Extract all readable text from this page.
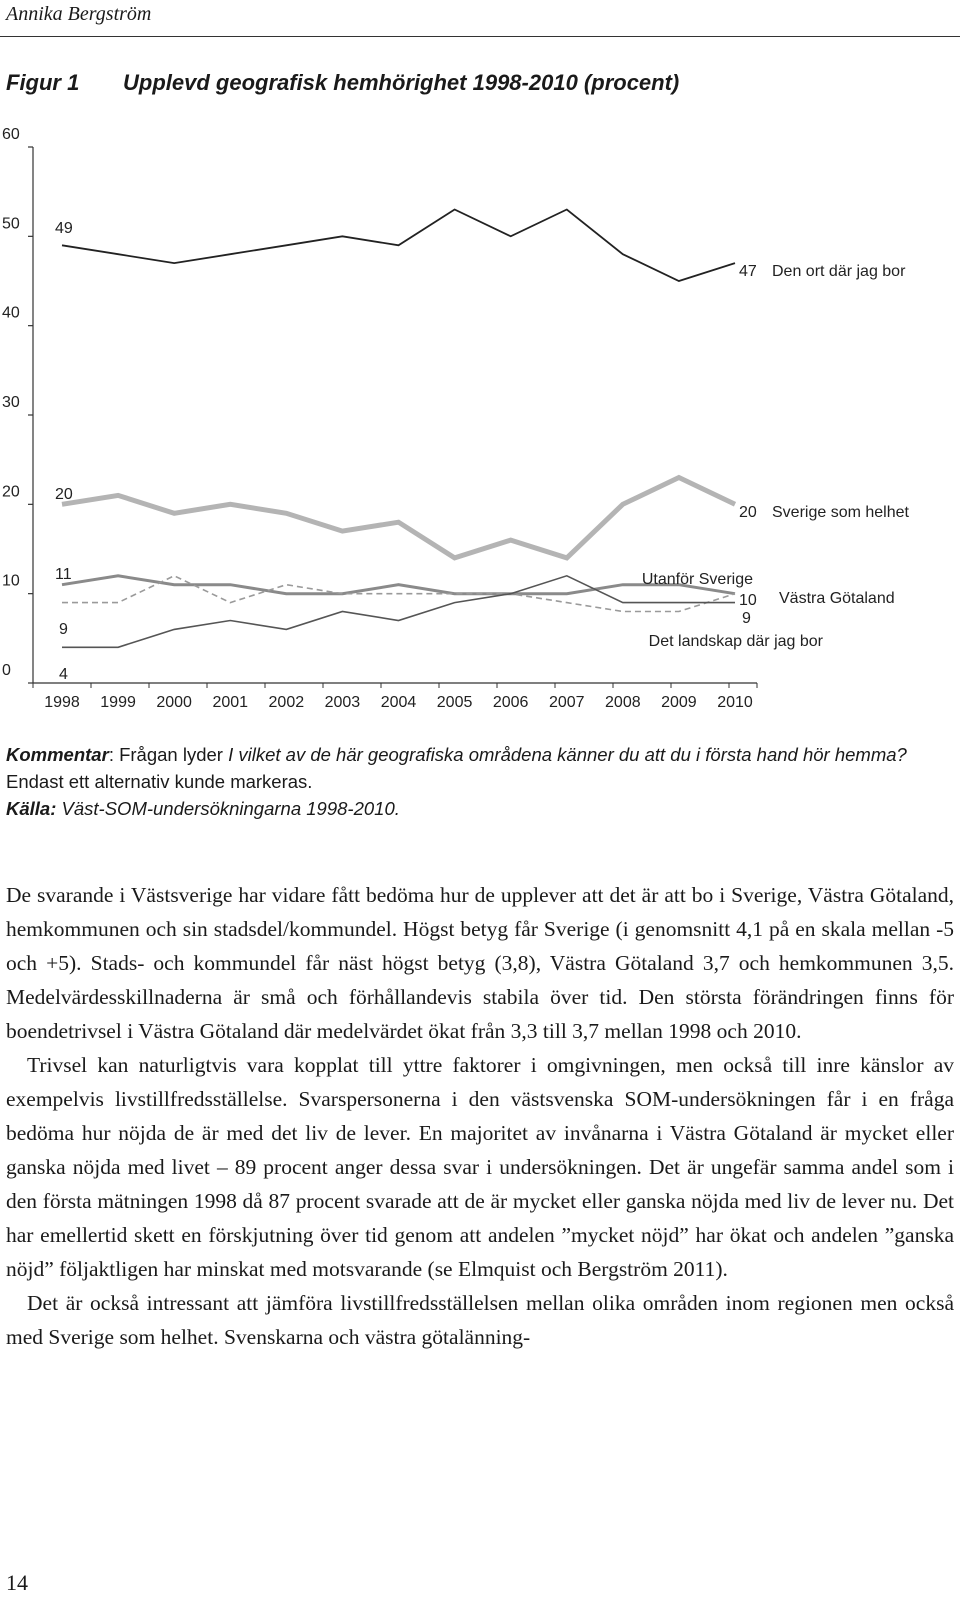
Annika Bergström
Figur 1 Upplevd geografisk hemhörighet 1998-2010 (procent)
0
10
20
30
40
50
60
1998 1999 2000 2001 2002 2003 2004 2005 2006 2007 2008 2009 2010
49
47
20
20
11
10
9
4
9
Den ort där jag bor
Sverige som helhet
Västra Götaland
Utanför Sverige
Det landskap där jag bor
Kommentar: Frågan lyder I vilket av de här geografiska områdena känner du att du i första hand hör hemma? Endast ett alternativ kunde markeras.
Källa: Väst-SOM-undersökningarna 1998-2010.

De svarande i Västsverige har vidare fått bedöma hur de upplever att det är att bo i Sverige, Västra Götaland, hemkommunen och sin stadsdel/kommundel. Högst betyg får Sverige (i genomsnitt 4,1 på en skala mellan -5 och +5). Stads- och kommundel får näst högst betyg (3,8), Västra Götaland 3,7 och hemkommunen 3,5. Medelvärdesskillnaderna är små och förhållandevis stabila över tid. Den största förändringen finns för boendetrivsel i Västra Götaland där medelvärdet ökat från 3,3 till 3,7 mellan 1998 och 2010.

Trivsel kan naturligtvis vara kopplat till yttre faktorer i omgivningen, men också till inre känslor av exempelvis livstillfredsställelse. Svarspersonerna i den västsvenska SOM-undersökningen får i en fråga bedöma hur nöjda de är med det liv de lever. En majoritet av invånarna i Västra Götaland är mycket eller ganska nöjda med livet – 89 procent anger dessa svar i undersökningen. Det är ungefär samma andel som i den första mätningen 1998 då 87 procent svarade att de är mycket eller ganska nöjda med liv de lever nu. Det har emellertid skett en förskjutning över tid genom att andelen ”mycket nöjd” har ökat och andelen ”ganska nöjd” följaktligen har minskat med motsvarande (se Elmquist och Bergström 2011).

Det är också intressant att jämföra livstillfredsställelsen mellan olika områden inom regionen men också med Sverige som helhet. Svenskarna och västra götalänning-

14
